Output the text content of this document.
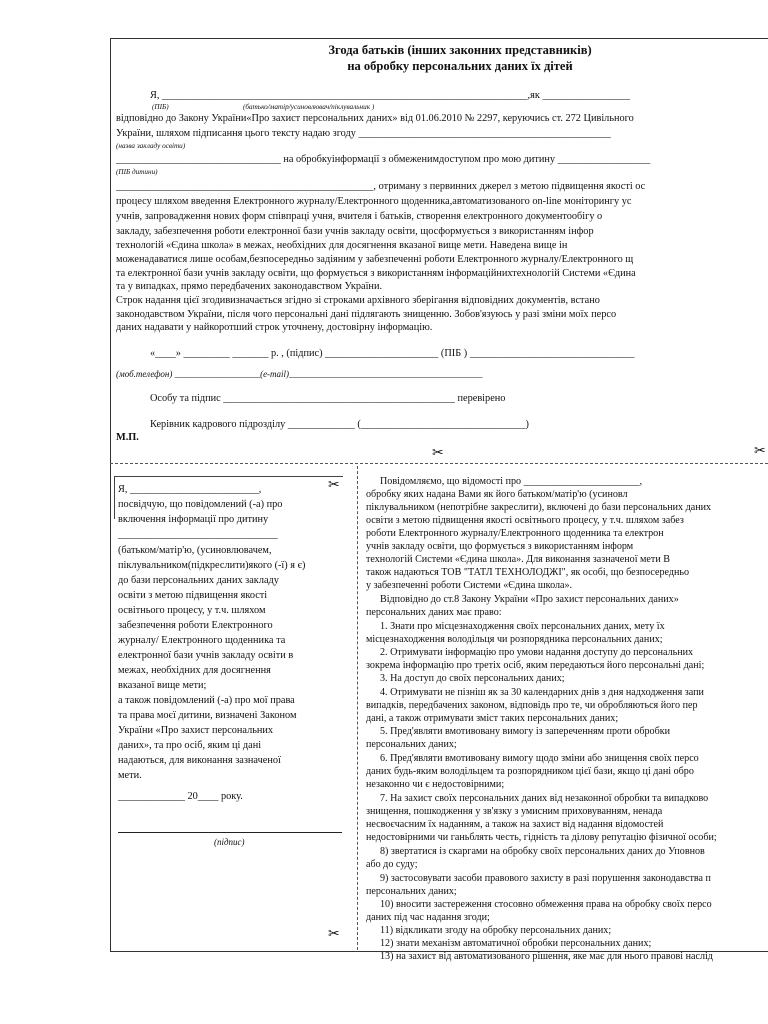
Згода батьків (інших законних представників)
на обробку персональних даних їх дітей
Я, _______________________________________________________________________,як _________________
(ПІБ)	(батько/матір/усиновлювач/піклувальник )
відповідно до Закону України«Про захист персональних даних» від 01.06.2010 № 2297, керуючись ст. 272 Цивільного
України, шляхом підписання цього тексту надаю згоду _________________________________________________
(назва закладу освіти)
________________________________ на обробкуінформації з обмеженимдоступом про мою дитину __________________
(ПІБ дитини)
__________________________________________________, отриману з первинних джерел з метою підвищення якості ос
процесу шляхом введення Електронного журналу/Електронного щоденника,автоматизованого on-line моніторингу ус
учнів, запровадження нових форм співпраці учня, вчителя і батьків, створення електронного документообігу о
закладу, забезпечення роботи електронної бази учнів закладу освіти, щосформується з використанням інфор
технологій «Єдина школа» в межах, необхідних для досягнення вказаної вище мети. Наведена вище ін
моженадаватися лише особам,безпосередньо задіяним у забезпеченні роботи Електронного журналу/Електронного щ
та електронної бази учнів закладу освіти, що формується з використанням інформаційнихтехнологій Системи «Єдина
та у випадках, прямо передбачених законодавством України.
Строк надання цієї згодивизначається згідно зі строками архівного зберігання відповідних документів, встано
законодавством України, після чого персональні дані підлягають знищенню. Зобов'язуюсь у разі зміни моїх персо
даних надавати у найкоротший строк уточнену, достовірну інформацію.
«____» _________ _______ р. , (підпис) ______________________ (ПІБ ) ________________________________
(моб.телефон) ___________________(e-mail)___________________________________________
Особу та підпис _____________________________________________ перевірено
Керівник кадрового підрозділу _____________ (________________________________)
М.П.
✂	✂
✂
Я, _________________________,
посвідчую, що повідомлений (-а) про
включення інформації про дитину
_______________________________
(батьком/матір'ю, (усиновлювачем,
піклувальником(підкреслити)якого (-ї) я є)
до бази персональних даних закладу
освіти з метою підвищення якості
освітнього процесу, у т.ч. шляхом
забезпечення роботи Електронного
журналу/ Електронного щоденника та
електронної бази учнів закладу освіти в
межах, необхідних для досягнення
вказаної вище мети;
а також повідомлений (-а) про мої права
та права моєї дитини, визначені Законом
України «Про захист персональних
даних», та про осіб, яким ці дані
надаються, для виконання зазначеної
мети.
_____________ 20____ року.
(підпис)
✂
Повідомляємо, що відомості про _______________________,
обробку яких надана Вами як його батьком/матір'ю (усиновл
піклувальником (непотрібне закреслити), включені до бази персональних даних
освіти з метою підвищення якості освітнього процесу, у т.ч. шляхом забез
роботи Електронного журналу/Електронного щоденника та електрон
учнів закладу освіти, що формується з використанням інформ
технологій Системи «Єдина школа». Для виконання зазначеної мети В
також надаються ТОВ "ТАТЛ ТЕХНОЛОДЖІ", як особі, що безпосередньо
у забезпеченні роботи Системи «Єдина школа».
Відповідно до ст.8 Закону України «Про захист персональних даних»
персональних даних має право:
1. Знати про місцезнаходження своїх персональних даних, мету їх
місцезнаходження володільця чи розпорядника персональних даних;
2. Отримувати інформацію про умови надання доступу до персональних
зокрема інформацію про третіх осіб, яким передаються його персональні дані;
3. На доступ до своїх персональних даних;
4. Отримувати не пізніш як за 30 календарних днів з дня надходження запи
випадків, передбачених законом, відповідь про те, чи обробляються його пер
дані, а також отримувати зміст таких персональних даних;
5. Пред'являти вмотивовану вимогу із запереченням проти обробки
персональних даних;
6. Пред'являти вмотивовану вимогу щодо зміни або знищення своїх персо
даних будь-яким володільцем та розпорядником цієї бази, якщо ці дані обро
незаконно чи є недостовірними;
7. На захист своїх персональних даних від незаконної обробки та випадково
знищення, пошкодження у зв'язку з умисним приховуванням, ненада
несвоєчасним їх наданням, а також на захист від надання відомостей
недостовірними чи ганьблять честь, гідність та ділову репутацію фізичної особи;
8) звертатися із скаргами на обробку своїх персональних даних до Уповнов
або до суду;
9) застосовувати засоби правового захисту в разі порушення законодавства п
персональних даних;
10) вносити застереження стосовно обмеження права на обробку своїх персо
даних під час надання згоди;
11) відкликати згоду на обробку персональних даних;
12) знати механізм автоматичної обробки персональних даних;
13) на захист від автоматизованого рішення, яке має для нього правові наслід
